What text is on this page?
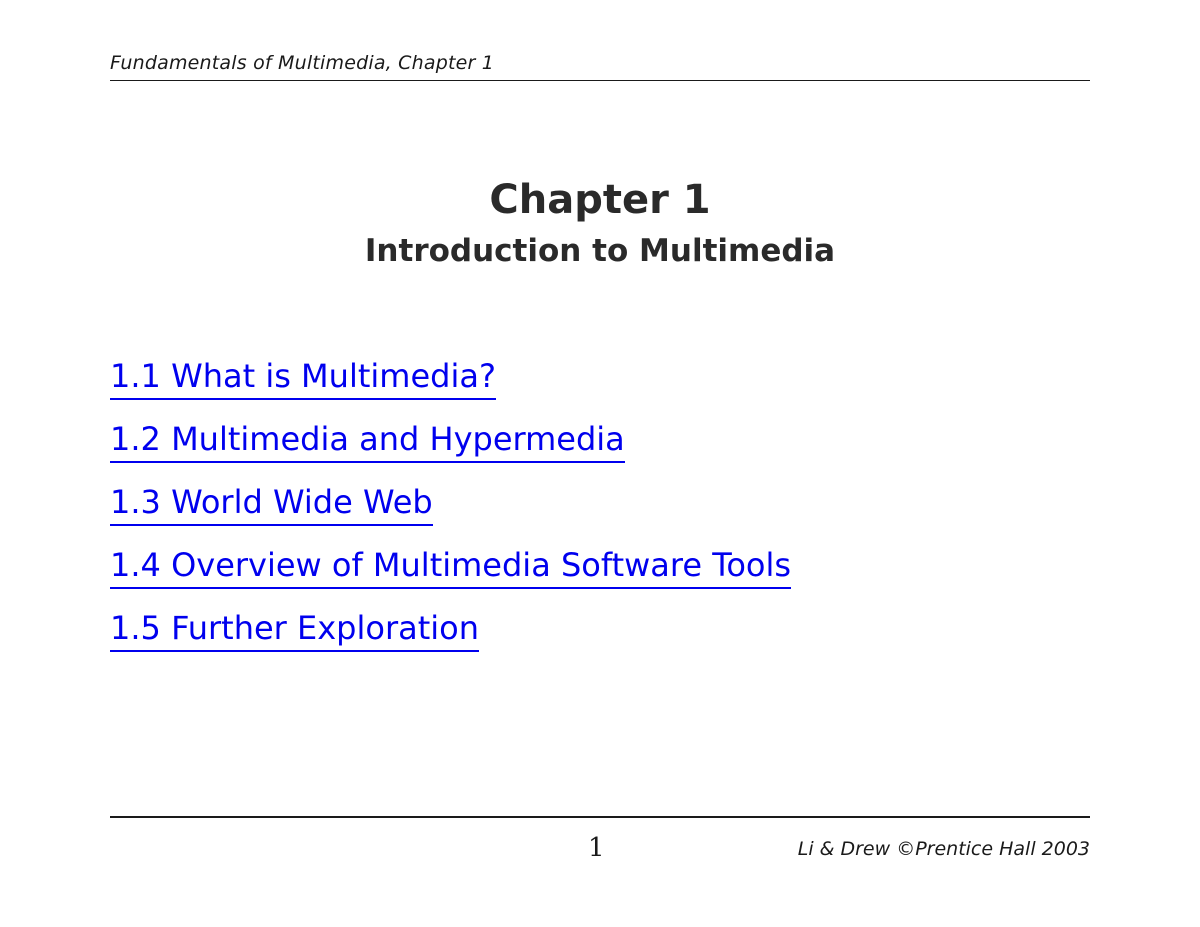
Fundamentals of Multimedia, Chapter 1
Chapter 1
Introduction to Multimedia
1.1 What is Multimedia?
1.2 Multimedia and Hypermedia
1.3 World Wide Web
1.4 Overview of Multimedia Software Tools
1.5 Further Exploration
1	Li & Drew ©Prentice Hall 2003
